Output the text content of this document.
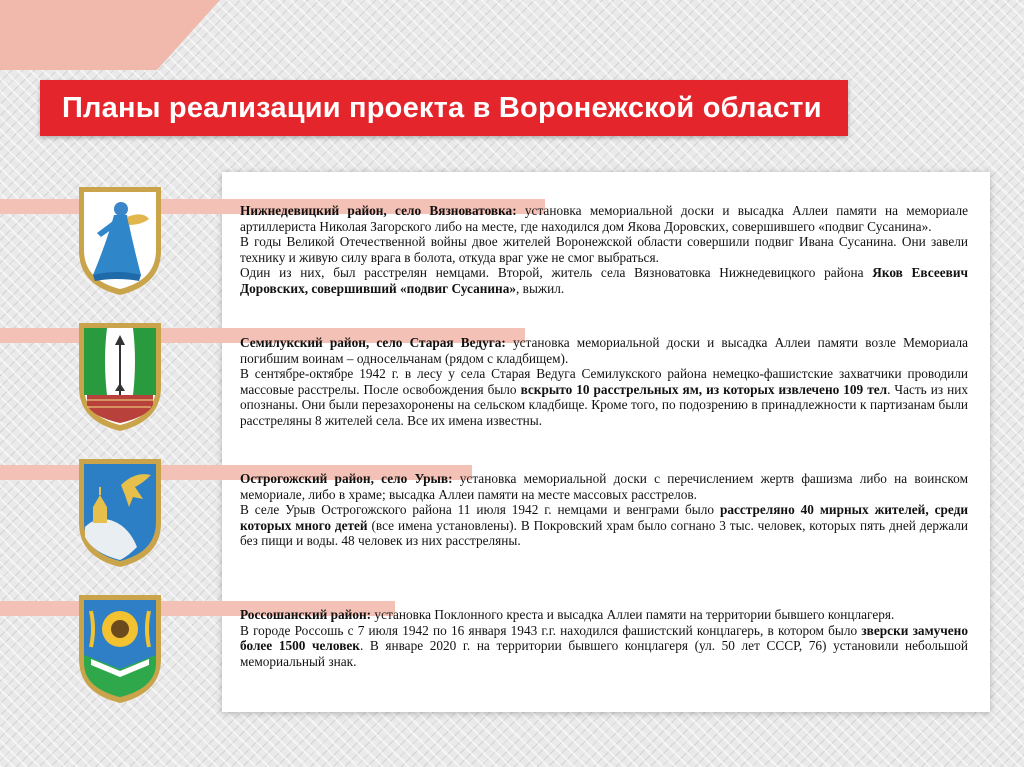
Планы реализации проекта в Воронежской области

Нижнедевицкий район, село Вязноватовка: установка мемориальной доски и высадка Аллеи памяти на мемориале артиллериста Николая Загорского либо на месте, где находился дом Якова Доровских, совершившего «подвиг Сусанина».

В годы Великой Отечественной войны двое жителей Воронежской области совершили подвиг Ивана Сусанина. Они завели технику и живую силу врага в болота, откуда враг уже не смог выбраться.

Один из них, был расстрелян немцами. Второй, житель села Вязноватовка Нижнедевицкого района Яков Евсеевич Доровских, совершивший «подвиг Сусанина», выжил.

Семилукский район, село Старая Ведуга: установка мемориальной доски и высадка Аллеи памяти возле Мемориала погибшим воинам – односельчанам (рядом с кладбищем).

В сентябре-октябре 1942 г. в лесу у села Старая Ведуга Семилукского района немецко-фашистские захватчики проводили массовые расстрелы. После освобождения было вскрыто 10 расстрельных ям, из которых извлечено 109 тел. Часть из них опознаны. Они были перезахоронены на сельском кладбище. Кроме того, по подозрению в принадлежности к партизанам были расстреляны 8 жителей села. Все их имена известны.

Острогожский район, село Урыв: установка мемориальной доски с перечислением жертв фашизма либо на воинском мемориале, либо в храме; высадка Аллеи памяти на месте массовых расстрелов.

В селе Урыв Острогожского района 11 июля 1942 г. немцами и венграми было расстреляно 40 мирных жителей, среди которых много детей (все имена установлены). В Покровский храм было согнано 3 тыс. человек, которых пять дней держали без пищи и воды. 48 человек из них расстреляны.

Россошанский район: установка Поклонного креста и высадка Аллеи памяти на территории бывшего концлагеря.

В городе Россошь с 7 июля 1942 по 16 января 1943 г.г. находился фашистский концлагерь, в котором было зверски замучено более 1500 человек. В январе 2020 г. на территории бывшего концлагеря (ул. 50 лет СССР, 76) установили небольшой мемориальный знак.
